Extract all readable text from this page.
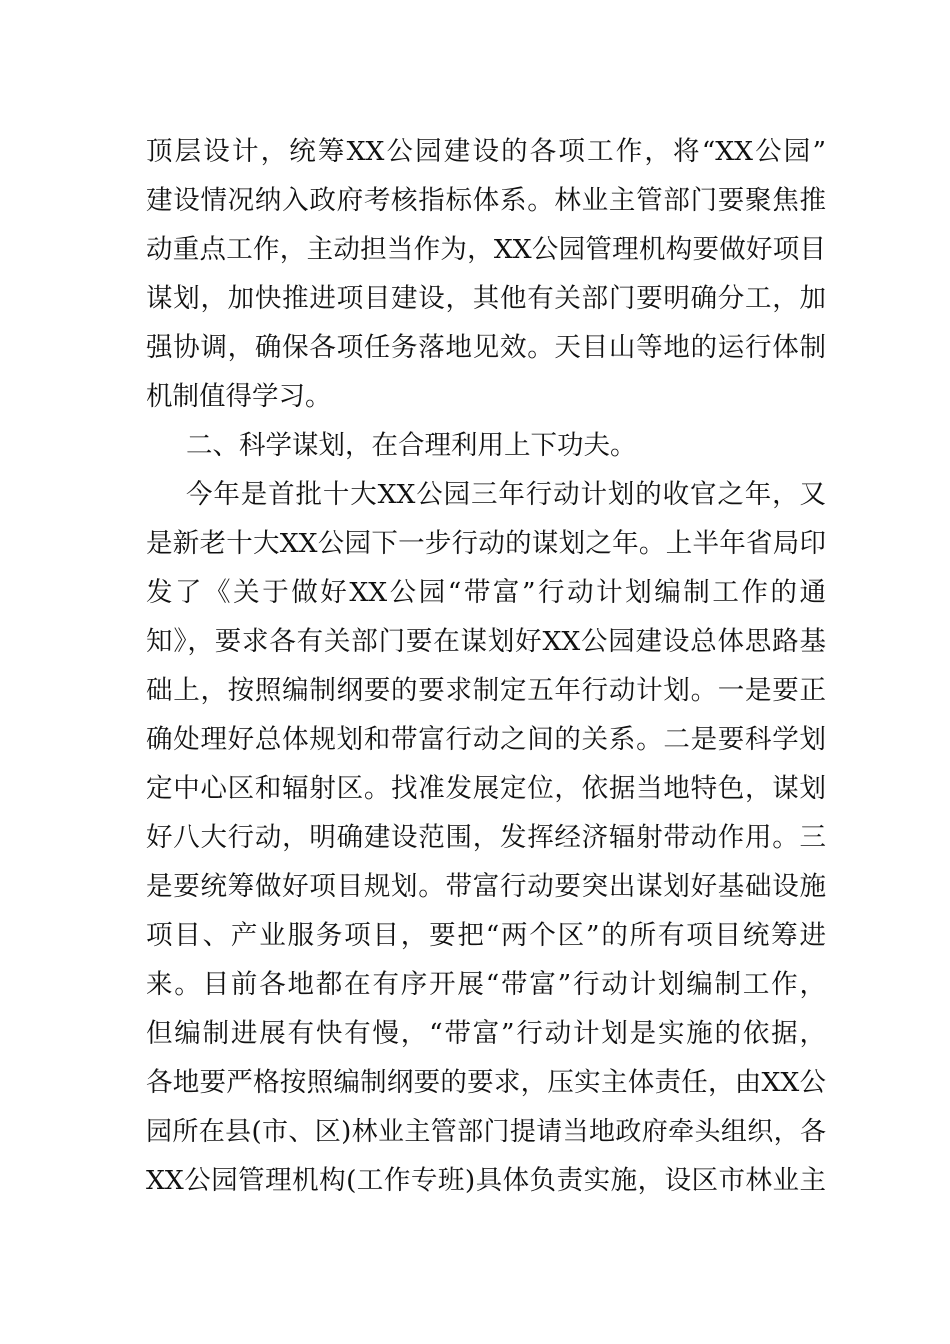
顶层设计，统筹XX公园建设的各项工作，将“XX公园”
建设情况纳入政府考核指标体系。林业主管部门要聚焦推
动重点工作，主动担当作为，XX公园管理机构要做好项目
谋划，加快推进项目建设，其他有关部门要明确分工，加
强协调，确保各项任务落地见效。天目山等地的运行体制
机制值得学习。
二、科学谋划，在合理利用上下功夫。
今年是首批十大XX公园三年行动计划的收官之年，又
是新老十大XX公园下一步行动的谋划之年。上半年省局印
发了《关于做好XX公园“带富”行动计划编制工作的通
知》，要求各有关部门要在谋划好XX公园建设总体思路基
础上，按照编制纲要的要求制定五年行动计划。一是要正
确处理好总体规划和带富行动之间的关系。二是要科学划
定中心区和辐射区。找准发展定位，依据当地特色，谋划
好八大行动，明确建设范围，发挥经济辐射带动作用。三
是要统筹做好项目规划。带富行动要突出谋划好基础设施
项目、产业服务项目，要把“两个区”的所有项目统筹进
来。目前各地都在有序开展“带富”行动计划编制工作，
但编制进展有快有慢，“带富”行动计划是实施的依据，
各地要严格按照编制纲要的要求，压实主体责任，由XX公
园所在县(市、区)林业主管部门提请当地政府牵头组织，各
XX公园管理机构(工作专班)具体负责实施，设区市林业主
